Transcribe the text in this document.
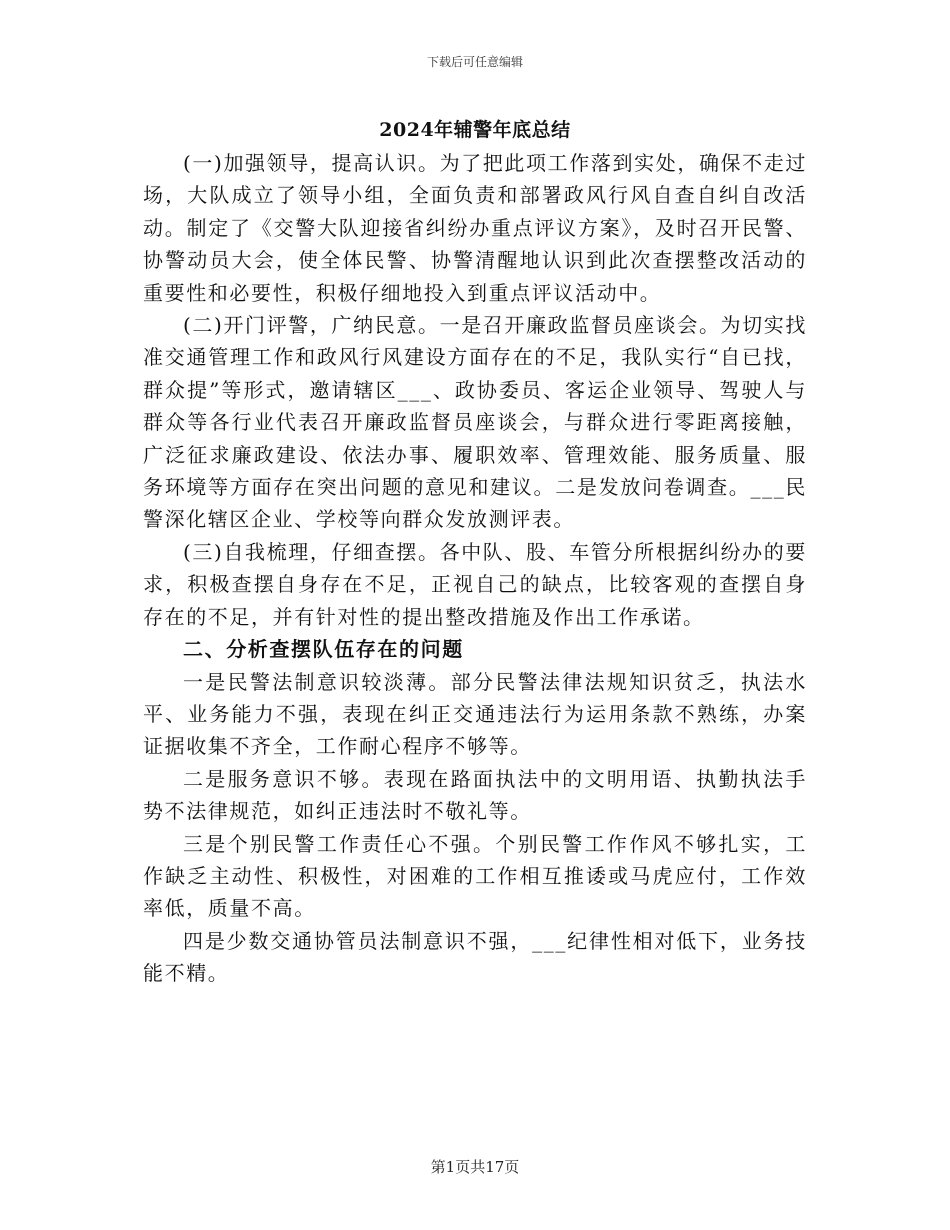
下载后可任意编辑
2024年辅警年底总结

(一)加强领导，提高认识。为了把此项工作落到实处，确保不走过场，大队成立了领导小组，全面负责和部署政风行风自查自纠自改活动。制定了《交警大队迎接省纠纷办重点评议方案》，及时召开民警、协警动员大会，使全体民警、协警清醒地认识到此次查摆整改活动的重要性和必要性，积极仔细地投入到重点评议活动中。

(二)开门评警，广纳民意。一是召开廉政监督员座谈会。为切实找准交通管理工作和政风行风建设方面存在的不足，我队实行“自已找，群众提”等形式，邀请辖区___、政协委员、客运企业领导、驾驶人与群众等各行业代表召开廉政监督员座谈会，与群众进行零距离接触，广泛征求廉政建设、依法办事、履职效率、管理效能、服务质量、服务环境等方面存在突出问题的意见和建议。二是发放问卷调查。___民警深化辖区企业、学校等向群众发放测评表。

(三)自我梳理，仔细查摆。各中队、股、车管分所根据纠纷办的要求，积极查摆自身存在不足，正视自己的缺点，比较客观的查摆自身存在的不足，并有针对性的提出整改措施及作出工作承诺。

二、分析查摆队伍存在的问题

一是民警法制意识较淡薄。部分民警法律法规知识贫乏，执法水平、业务能力不强，表现在纠正交通违法行为运用条款不熟练，办案证据收集不齐全，工作耐心程序不够等。

二是服务意识不够。表现在路面执法中的文明用语、执勤执法手势不法律规范，如纠正违法时不敬礼等。

三是个别民警工作责任心不强。个别民警工作作风不够扎实，工作缺乏主动性、积极性，对困难的工作相互推诿或马虎应付，工作效率低，质量不高。

四是少数交通协管员法制意识不强，___纪律性相对低下，业务技能不精。

第1页共17页
